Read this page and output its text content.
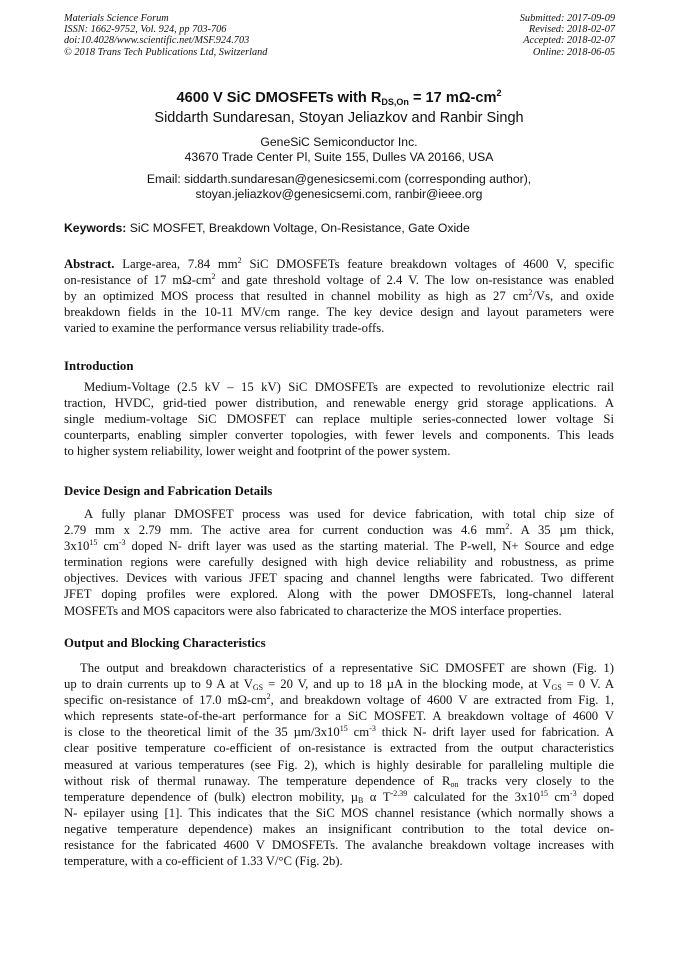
Materials Science Forum
ISSN: 1662-9752, Vol. 924, pp 703-706
doi:10.4028/www.scientific.net/MSF.924.703
© 2018 Trans Tech Publications Ltd, Switzerland
Submitted: 2017-09-09
Revised: 2018-02-07
Accepted: 2018-02-07
Online: 2018-06-05
4600 V SiC DMOSFETs with $R_{DS,On} = 17$ $m\Omega-cm^2$
Siddarth Sundaresan, Stoyan Jeliazkov and Ranbir Singh
GeneSiC Semiconductor Inc.
43670 Trade Center Pl, Suite 155, Dulles VA 20166, USA
Email: siddarth.sundaresan@genesicsemi.com (corresponding author),
stoyan.jeliazkov@genesicsemi.com, ranbir@ieee.org
Keywords: SiC MOSFET, Breakdown Voltage, On-Resistance, Gate Oxide
Abstract. Large-area, 7.84 $mm^2$ SiC DMOSFETs feature breakdown voltages of 4600 V, specific
on-resistance of 17 $m\Omega-cm^2$ and gate threshold voltage of 2.4 V. The low on-resistance was enabled
by an optimized MOS process that resulted in channel mobility as high as 27 $cm^2/Vs$, and oxide
breakdown fields in the 10-11 MV/cm range. The key device design and layout parameters were
varied to examine the performance versus reliability trade-offs.
Introduction
Medium-Voltage (2.5 kV – 15 kV) SiC DMOSFETs are expected to revolutionize electric rail
traction, HVDC, grid-tied power distribution, and renewable energy grid storage applications. A
single medium-voltage SiC DMOSFET can replace multiple series-connected lower voltage Si
counterparts, enabling simpler converter topologies, with fewer levels and components. This leads
to higher system reliability, lower weight and footprint of the power system.
Device Design and Fabrication Details
A fully planar DMOSFET process was used for device fabrication, with total chip size of
2.79 mm x 2.79 mm. The active area for current conduction was 4.6 $mm^2$. A 35 µm thick,
$3x10^{15}$ $cm^{-3}$ doped N- drift layer was used as the starting material. The P-well, N+ Source and edge
termination regions were carefully designed with high device reliability and robustness, as prime
objectives. Devices with various JFET spacing and channel lengths were fabricated. Two different
JFET doping profiles were explored. Along with the power DMOSFETs, long-channel lateral
MOSFETs and MOS capacitors were also fabricated to characterize the MOS interface properties.
Output and Blocking Characteristics
The output and breakdown characteristics of a representative SiC DMOSFET are shown (Fig. 1)
up to drain currents up to 9 A at $V_{GS} = 20$ V, and up to 18 µA in the blocking mode, at $V_{GS} = 0$ V. A
specific on-resistance of 17.0 $m\Omega-cm^2$, and breakdown voltage of 4600 V are extracted from Fig. 1,
which represents state-of-the-art performance for a SiC MOSFET. A breakdown voltage of 4600 V
is close to the theoretical limit of the 35 $\mu m/3x10^{15}$ $cm^{-3}$ thick N- drift layer used for fabrication. A
clear positive temperature co-efficient of on-resistance is extracted from the output characteristics
measured at various temperatures (see Fig. 2), which is highly desirable for paralleling multiple die
without risk of thermal runaway. The temperature dependence of $R_{on}$ tracks very closely to the
temperature dependence of (bulk) electron mobility, µ$_B$ α $T^{-2.39}$ calculated for the $3x10^{15}$ $cm^{-3}$ doped
N- epilayer using [1]. This indicates that the SiC MOS channel resistance (which normally shows a
negative temperature dependence) makes an insignificant contribution to the total device on-
resistance for the fabricated 4600 V DMOSFETs. The avalanche breakdown voltage increases with
temperature, with a co-efficient of 1.33 V/°C (Fig. 2b).
